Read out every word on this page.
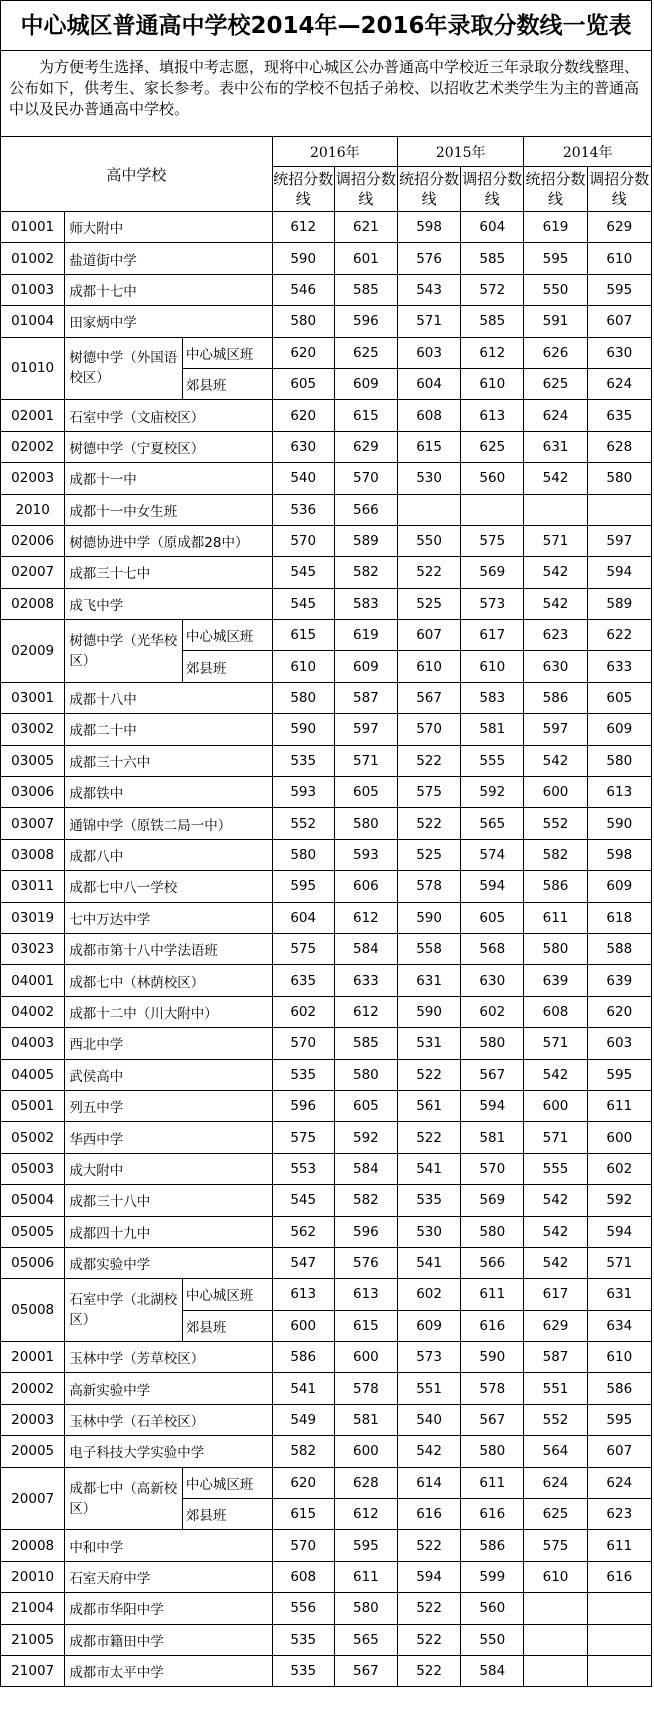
中心城区普通高中学校2014年—2016年录取分数线一览表
为方便考生选择、填报中考志愿，现将中心城区公办普通高中学校近三年录取分数线整理、公布如下，供考生、家长参考。表中公布的学校不包括子弟校、以招收艺术类学生为主的普通高中以及民办普通高中学校。
高中学校			2016年		2015年		2014年	
			统招分数线	调招分数线	统招分数线	调招分数线	统招分数线	调招分数线
01001	师大附中		612	621	598	604	619	629
01002	盐道街中学		590	601	576	585	595	610
01003	成都十七中		546	585	543	572	550	595
01004	田家炳中学		580	596	571	585	591	607
01010	树德中学（外国语校区）	中心城区班	620	625	603	612	626	630
		郊县班	605	609	604	610	625	624
02001	石室中学（文庙校区）		620	615	608	613	624	635
02002	树德中学（宁夏校区）		630	629	615	625	631	628
02003	成都十一中		540	570	530	560	542	580
2010	成都十一中女生班		536	566				
02006	树德协进中学（原成都28中）		570	589	550	575	571	597
02007	成都三十七中		545	582	522	569	542	594
02008	成飞中学		545	583	525	573	542	589
02009	树德中学（光华校区）	中心城区班	615	619	607	617	623	622
		郊县班	610	609	610	610	630	633
03001	成都十八中		580	587	567	583	586	605
03002	成都二十中		590	597	570	581	597	609
03005	成都三十六中		535	571	522	555	542	580
03006	成都铁中		593	605	575	592	600	613
03007	通锦中学（原铁二局一中）		552	580	522	565	552	590
03008	成都八中		580	593	525	574	582	598
03011	成都七中八一学校		595	606	578	594	586	609
03019	七中万达中学		604	612	590	605	611	618
03023	成都市第十八中学法语班		575	584	558	568	580	588
04001	成都七中（林荫校区）		635	633	631	630	639	639
04002	成都十二中（川大附中）		602	612	590	602	608	620
04003	西北中学		570	585	531	580	571	603
04005	武侯高中		535	580	522	567	542	595
05001	列五中学		596	605	561	594	600	611
05002	华西中学		575	592	522	581	571	600
05003	成大附中		553	584	541	570	555	602
05004	成都三十八中		545	582	535	569	542	592
05005	成都四十九中		562	596	530	580	542	594
05006	成都实验中学		547	576	541	566	542	571
05008	石室中学（北湖校区）	中心城区班	613	613	602	611	617	631
		郊县班	600	615	609	616	629	634
20001	玉林中学（芳草校区）		586	600	573	590	587	610
20002	高新实验中学		541	578	551	578	551	586
20003	玉林中学（石羊校区）		549	581	540	567	552	595
20005	电子科技大学实验中学		582	600	542	580	564	607
20007	成都七中（高新校区）	中心城区班	620	628	614	611	624	624
		郊县班	615	612	616	616	625	623
20008	中和中学		570	595	522	586	575	611
20010	石室天府中学		608	611	594	599	610	616
21004	成都市华阳中学		556	580	522	560		
21005	成都市籍田中学		535	565	522	550		
21007	成都市太平中学		535	567	522	584		
